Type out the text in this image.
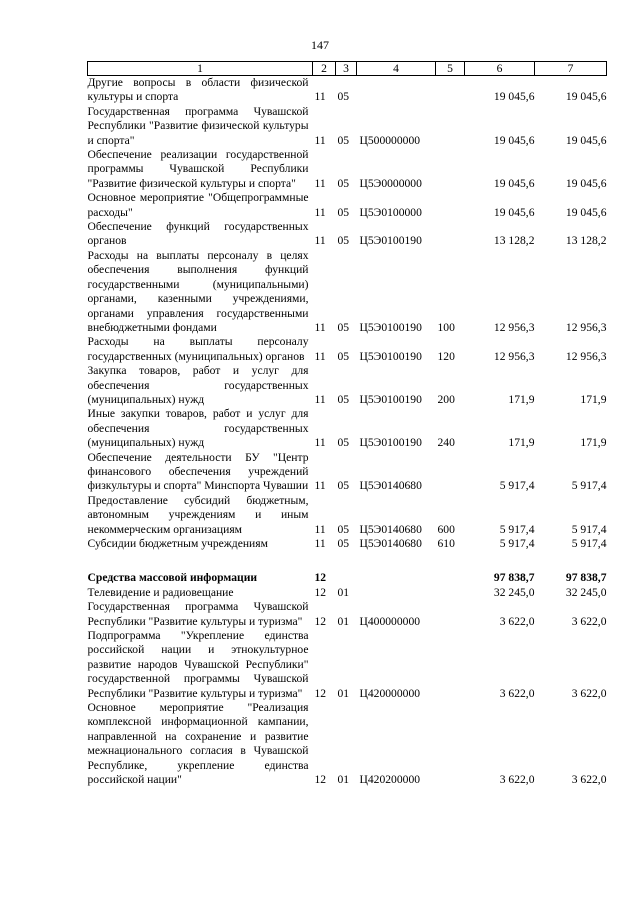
147
1	2	3	4	5	6	7
Другие вопросы в области физической культуры и спорта	11	05			19 045,6	19 045,6
Государственная программа Чувашской Республики "Развитие физической культуры и спорта"	11	05	Ц500000000		19 045,6	19 045,6
Обеспечение реализации государственной программы Чувашской Республики "Развитие физической культуры и спорта"	11	05	Ц5Э0000000		19 045,6	19 045,6
Основное мероприятие "Общепрограммные расходы"	11	05	Ц5Э0100000		19 045,6	19 045,6
Обеспечение функций государственных органов	11	05	Ц5Э0100190		13 128,2	13 128,2
Расходы на выплаты персоналу в целях обеспечения выполнения функций государственными (муниципальными) органами, казенными учреждениями, органами управления государственными внебюджетными фондами	11	05	Ц5Э0100190	100	12 956,3	12 956,3
Расходы на выплаты персоналу государственных (муниципальных) органов	11	05	Ц5Э0100190	120	12 956,3	12 956,3
Закупка товаров, работ и услуг для обеспечения государственных (муниципальных) нужд	11	05	Ц5Э0100190	200	171,9	171,9
Иные закупки товаров, работ и услуг для обеспечения государственных (муниципальных) нужд	11	05	Ц5Э0100190	240	171,9	171,9
Обеспечение деятельности БУ "Центр финансового обеспечения учреждений физкультуры и спорта" Минспорта Чувашии	11	05	Ц5Э0140680		5 917,4	5 917,4
Предоставление субсидий бюджетным, автономным учреждениям и иным некоммерческим организациям	11	05	Ц5Э0140680	600	5 917,4	5 917,4
Субсидии бюджетным учреждениям	11	05	Ц5Э0140680	610	5 917,4	5 917,4

Средства массовой информации	12				97 838,7	97 838,7
Телевидение и радиовещание	12	01			32 245,0	32 245,0
Государственная программа Чувашской Республики "Развитие культуры и туризма"	12	01	Ц400000000		3 622,0	3 622,0
Подпрограмма "Укрепление единства российской нации и этнокультурное развитие народов Чувашской Республики" государственной программы Чувашской Республики "Развитие культуры и туризма"	12	01	Ц420000000		3 622,0	3 622,0
Основное мероприятие "Реализация комплексной информационной кампании, направленной на сохранение и развитие межнационального согласия в Чувашской Республике, укрепление единства российской нации"	12	01	Ц420200000		3 622,0	3 622,0
